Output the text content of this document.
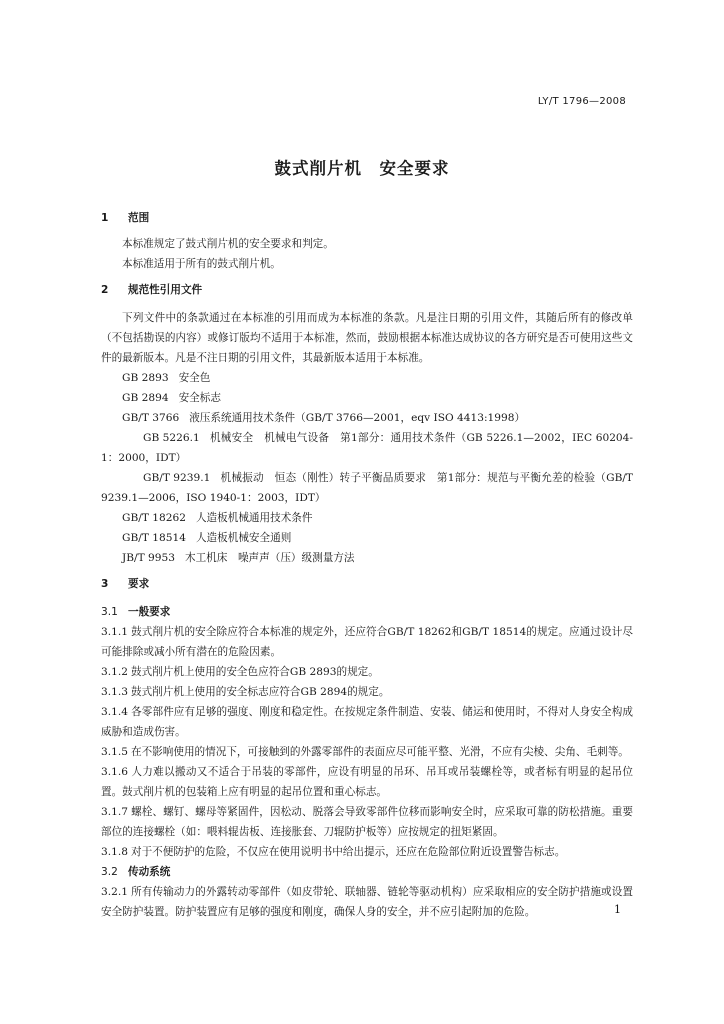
LY/T 1796—2008
鼓式削片机　安全要求
1 范围

本标准规定了鼓式削片机的安全要求和判定。

本标准适用于所有的鼓式削片机。

2 规范性引用文件

下列文件中的条款通过在本标准的引用而成为本标准的条款。凡是注日期的引用文件，其随后所有的修改单（不包括勘误的内容）或修订版均不适用于本标准，然而，鼓励根据本标准达成协议的各方研究是否可使用这些文件的最新版本。凡是不注日期的引用文件，其最新版本适用于本标准。

GB 2893 安全色
GB 2894 安全标志
GB/T 3766 液压系统通用技术条件（GB/T 3766—2001，eqv ISO 4413:1998）
GB 5226.1 机械安全　机械电气设备　第1部分：通用技术条件（GB 5226.1—2002，IEC 60204-1：2000，IDT）
GB/T 9239.1 机械振动　恒态（刚性）转子平衡品质要求　第1部分：规范与平衡允差的检验（GB/T 9239.1—2006，ISO 1940-1：2003，IDT）
GB/T 18262 人造板机械通用技术条件
GB/T 18514 人造板机械安全通则
JB/T 9953 木工机床　噪声声（压）级测量方法
3 要求
3.1 一般要求

3.1.1 鼓式削片机的安全除应符合本标准的规定外，还应符合GB/T 18262和GB/T 18514的规定。应通过设计尽可能排除或减小所有潜在的危险因素。

3.1.2 鼓式削片机上使用的安全色应符合GB 2893的规定。

3.1.3 鼓式削片机上使用的安全标志应符合GB 2894的规定。

3.1.4 各零部件应有足够的强度、刚度和稳定性。在按规定条件制造、安装、储运和使用时，不得对人身安全构成威胁和造成伤害。

3.1.5 在不影响使用的情况下，可接触到的外露零部件的表面应尽可能平整、光滑，不应有尖棱、尖角、毛刺等。

3.1.6 人力难以搬动又不适合于吊装的零部件，应设有明显的吊环、吊耳或吊装螺栓等，或者标有明显的起吊位置。鼓式削片机的包装箱上应有明显的起吊位置和重心标志。

3.1.7 螺栓、螺钉、螺母等紧固件，因松动、脱落会导致零部件位移而影响安全时，应采取可靠的防松措施。重要部位的连接螺栓（如：喂料辊齿板、连接胀套、刀辊防护板等）应按规定的扭矩紧固。

3.1.8 对于不便防护的危险，不仅应在使用说明书中给出提示，还应在危险部位附近设置警告标志。

3.2 传动系统

3.2.1 所有传输动力的外露转动零部件（如皮带轮、联轴器、链轮等驱动机构）应采取相应的安全防护措施或设置安全防护装置。防护装置应有足够的强度和刚度，确保人身的安全，并不应引起附加的危险。	1
